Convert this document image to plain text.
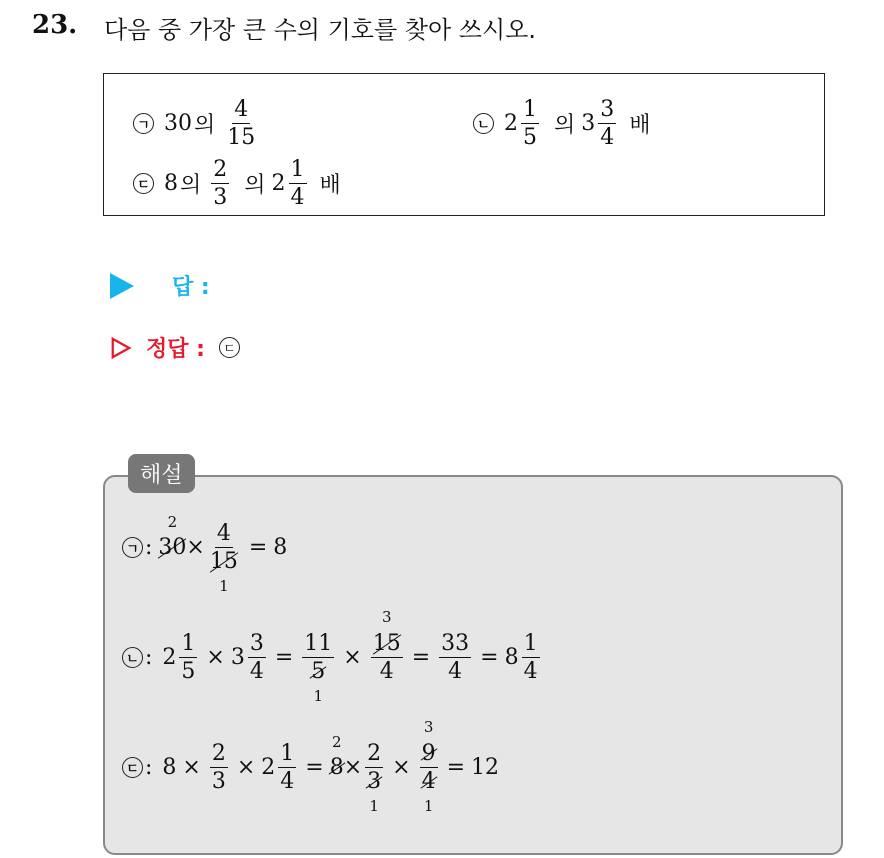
23. 다음 중 가장 큰 수의 기호를 찾아 쓰시오.
ㄱ 30 의 $\frac{4}{15}$	ㄴ $2 \frac{1}{5}$ 의 $3 \frac{3}{4}$ 배
ㄷ 8 의 $\frac{2}{3}$ 의 $2 \frac{1}{4}$ 배
답 :
정답 :	ㄷ
해설
ㄱ : 30
2
× 4
15
1 = 8
ㄴ : $2 \frac{1}{5} \times 3 \frac{3}{4} = 11$
5
1 × 15
3
$4 = \frac{33}{4} = 8 \frac{1}{4}$
ㄷ : $8 \times \frac{2}{3} \times 2 \frac{1}{4} = 8$
2
× 2
3
1 × 9
3
4
1 = 12
